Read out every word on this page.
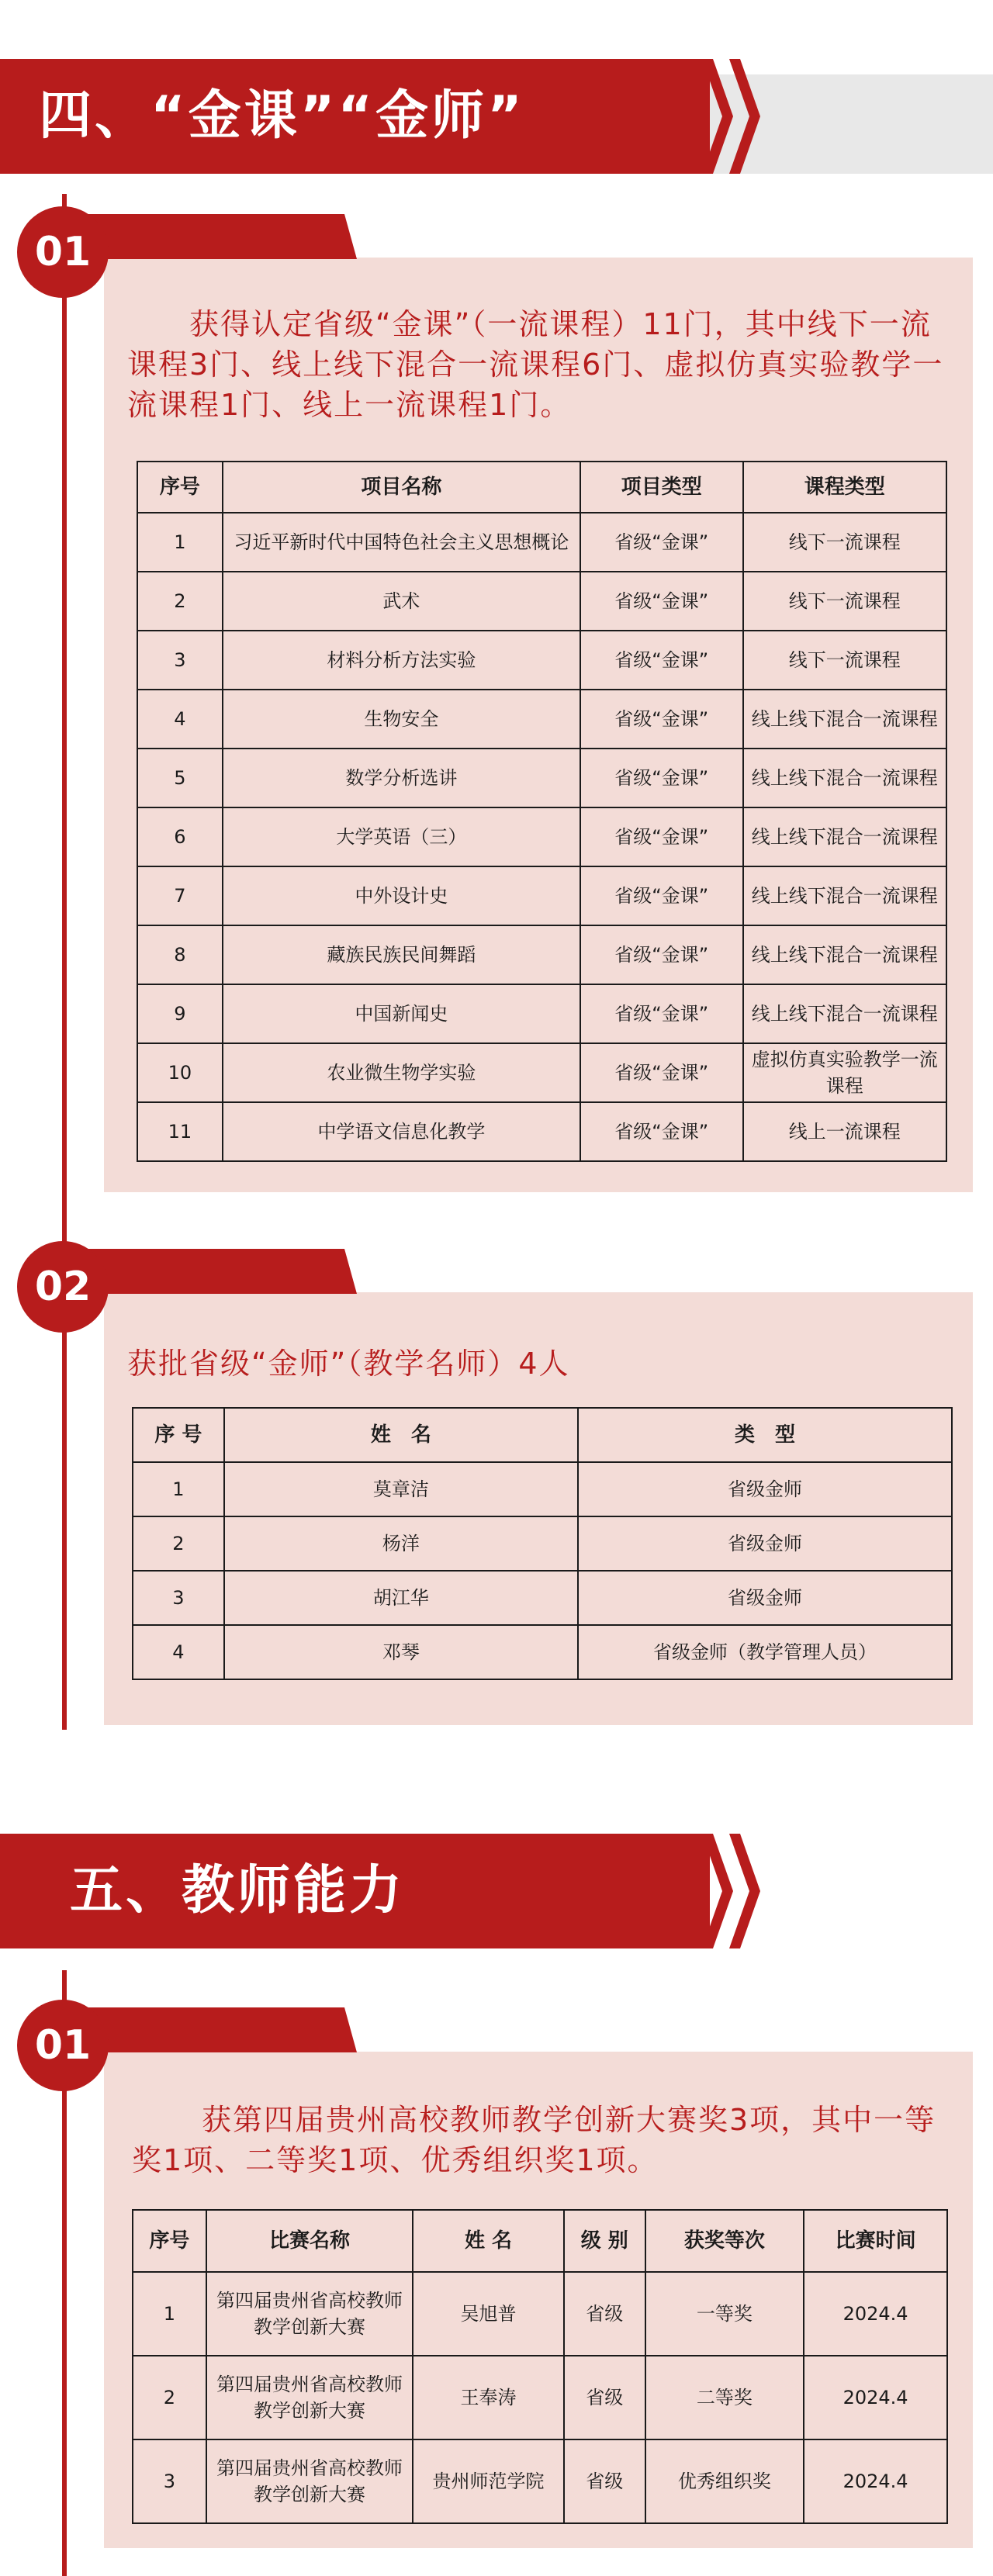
四、“金课”“金师”
获得认定省级“金课”（一流课程）11门，其中线下一流课程3门、线上线下混合一流课程6门、虚拟仿真实验教学一流课程1门、线上一流课程1门。
01
序号	项目名称	项目类型	课程类型
1	习近平新时代中国特色社会主义思想概论	省级“金课”	线下一流课程
2	武术	省级“金课”	线下一流课程
3	材料分析方法实验	省级“金课”	线下一流课程
4	生物安全	省级“金课”	线上线下混合一流课程
5	数学分析选讲	省级“金课”	线上线下混合一流课程
6	大学英语（三）	省级“金课”	线上线下混合一流课程
7	中外设计史	省级“金课”	线上线下混合一流课程
8	藏族民族民间舞蹈	省级“金课”	线上线下混合一流课程
9	中国新闻史	省级“金课”	线上线下混合一流课程
10	农业微生物学实验	省级“金课”	虚拟仿真实验教学一流课程
11	中学语文信息化教学	省级“金课”	线上一流课程
获批省级“金师”（教学名师）4人
02
序 号	姓　名	类　型
1	莫章洁	省级金师
2	杨洋	省级金师
3	胡江华	省级金师
4	邓琴	省级金师（教学管理人员）
五、教师能力
获第四届贵州高校教师教学创新大赛奖3项，其中一等奖1项、二等奖1项、优秀组织奖1项。
01
序号	比赛名称	姓 名	级 别	获奖等次	比赛时间
1	第四届贵州省高校教师教学创新大赛	吴旭普	省级	一等奖	2024.4
2	第四届贵州省高校教师教学创新大赛	王奉涛	省级	二等奖	2024.4
3	第四届贵州省高校教师教学创新大赛	贵州师范学院	省级	优秀组织奖	2024.4
